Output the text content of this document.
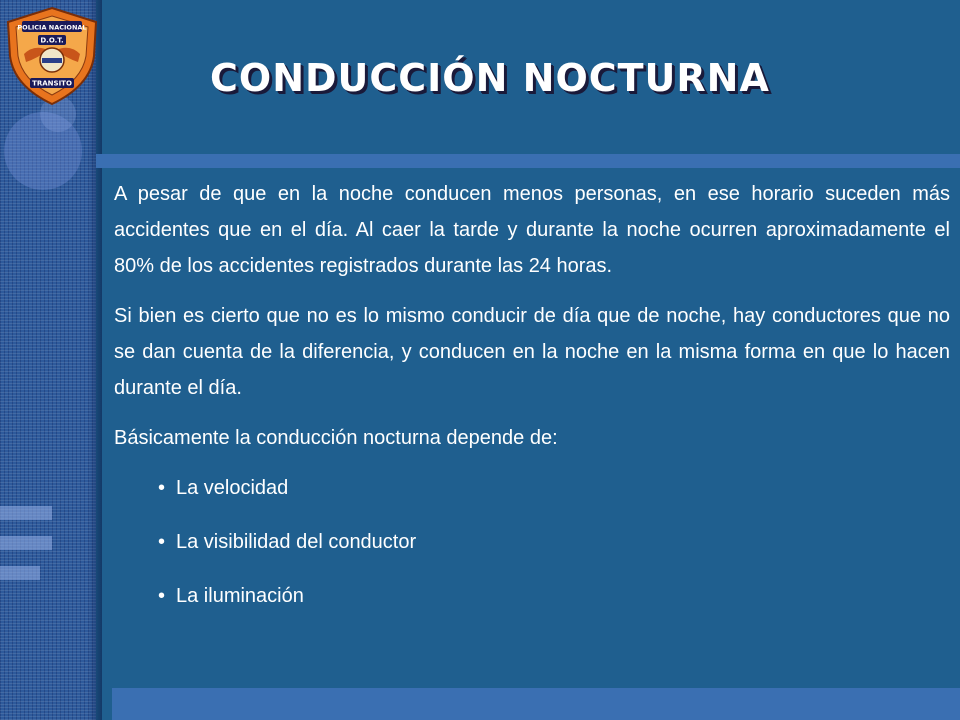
POLICIA NACIONAL
D.O.T.
TRANSITO	CONDUCCIÓN NOCTURNA

A pesar de que en la noche conducen menos personas, en ese horario suceden más accidentes que en el día. Al caer la tarde y durante la noche ocurren aproximadamente el 80% de los accidentes registrados durante las 24 horas.

Si bien es cierto que no es lo mismo conducir de día que de noche, hay conductores que no se dan cuenta de la diferencia, y conducen en la noche en la misma forma en que lo hacen durante el día.

Básicamente la conducción nocturna depende de:

• La velocidad
• La visibilidad del conductor
• La iluminación
